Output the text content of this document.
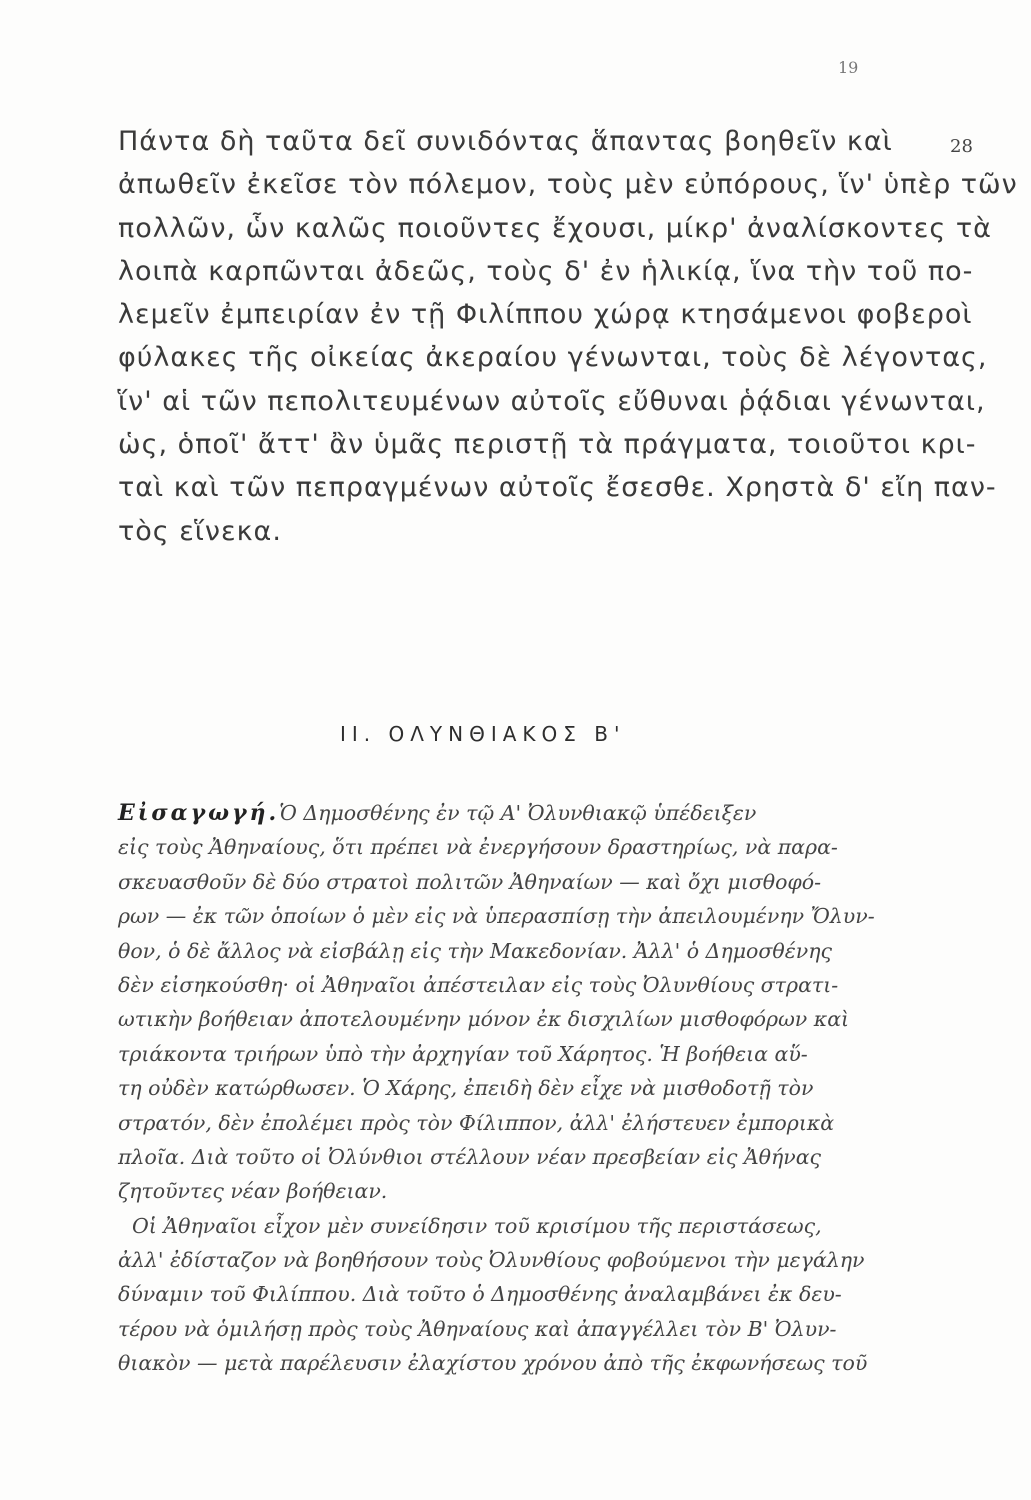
19
28
Πάντα δὴ ταῦτα δεῖ συνιδόντας ἅπαντας βοηθεῖν καὶ
ἀπωθεῖν ἐκεῖσε τὸν πόλεμον, τοὺς μὲν εὐπόρους, ἵν' ὑπὲρ τῶν
πολλῶν, ὧν καλῶς ποιοῦντες ἔχουσι, μίκρ' ἀναλίσκοντες τὰ
λοιπὰ καρπῶνται ἀδεῶς, τοὺς δ' ἐν ἡλικίᾳ, ἵνα τὴν τοῦ πο-
λεμεῖν ἐμπειρίαν ἐν τῇ Φιλίππου χώρᾳ κτησάμενοι φοβεροὶ
φύλακες τῆς οἰκείας ἀκεραίου γένωνται, τοὺς δὲ λέγοντας,
ἵν' αἱ τῶν πεπολιτευμένων αὐτοῖς εὔθυναι ῥᾴδιαι γένωνται,
ὡς, ὁποῖ' ἄττ' ἂν ὑμᾶς περιστῇ τὰ πράγματα, τοιοῦτοι κρι-
ταὶ καὶ τῶν πεπραγμένων αὐτοῖς ἔσεσθε. Χρηστὰ δ' εἴη παν-
τὸς εἵνεκα.
II. ΟΛΥΝΘΙΑΚΟΣ Β'
Εἰσαγωγή.Ὁ Δημοσθένης ἐν τῷ Α' Ὀλυνθιακῷ ὑπέδειξεν
εἰς τοὺς Ἀθηναίους, ὅτι πρέπει νὰ ἐνεργήσουν δραστηρίως, νὰ παρα-
σκευασθοῦν δὲ δύο στρατοὶ πολιτῶν Ἀθηναίων — καὶ ὄχι μισθοφό-
ρων — ἐκ τῶν ὁποίων ὁ μὲν εἰς νὰ ὑπερασπίσῃ τὴν ἀπειλουμένην Ὄλυν-
θον, ὁ δὲ ἄλλος νὰ εἰσβάλῃ εἰς τὴν Μακεδονίαν. Ἀλλ' ὁ Δημοσθένης
δὲν εἰσηκούσθη· οἱ Ἀθηναῖοι ἀπέστειλαν εἰς τοὺς Ὀλυνθίους στρατι-
ωτικὴν βοήθειαν ἀποτελουμένην μόνον ἐκ δισχιλίων μισθοφόρων καὶ
τριάκοντα τριήρων ὑπὸ τὴν ἀρχηγίαν τοῦ Χάρητος. Ἡ βοήθεια αὕ-
τη οὐδὲν κατώρθωσεν. Ὁ Χάρης, ἐπειδὴ δὲν εἶχε νὰ μισθοδοτῇ τὸν
στρατόν, δὲν ἐπολέμει πρὸς τὸν Φίλιππον, ἀλλ' ἐλήστευεν ἐμπορικὰ
πλοῖα. Διὰ τοῦτο οἱ Ὀλύνθιοι στέλλουν νέαν πρεσβείαν εἰς Ἀθήνας
ζητοῦντες νέαν βοήθειαν.
Οἱ Ἀθηναῖοι εἶχον μὲν συνείδησιν τοῦ κρισίμου τῆς περιστάσεως,
ἀλλ' ἐδίσταζον νὰ βοηθήσουν τοὺς Ὀλυνθίους φοβούμενοι τὴν μεγάλην
δύναμιν τοῦ Φιλίππου. Διὰ τοῦτο ὁ Δημοσθένης ἀναλαμβάνει ἐκ δευ-
τέρου νὰ ὁμιλήσῃ πρὸς τοὺς Ἀθηναίους καὶ ἀπαγγέλλει τὸν Β' Ὀλυν-
θιακὸν — μετὰ παρέλευσιν ἐλαχίστου χρόνου ἀπὸ τῆς ἐκφωνήσεως τοῦ
